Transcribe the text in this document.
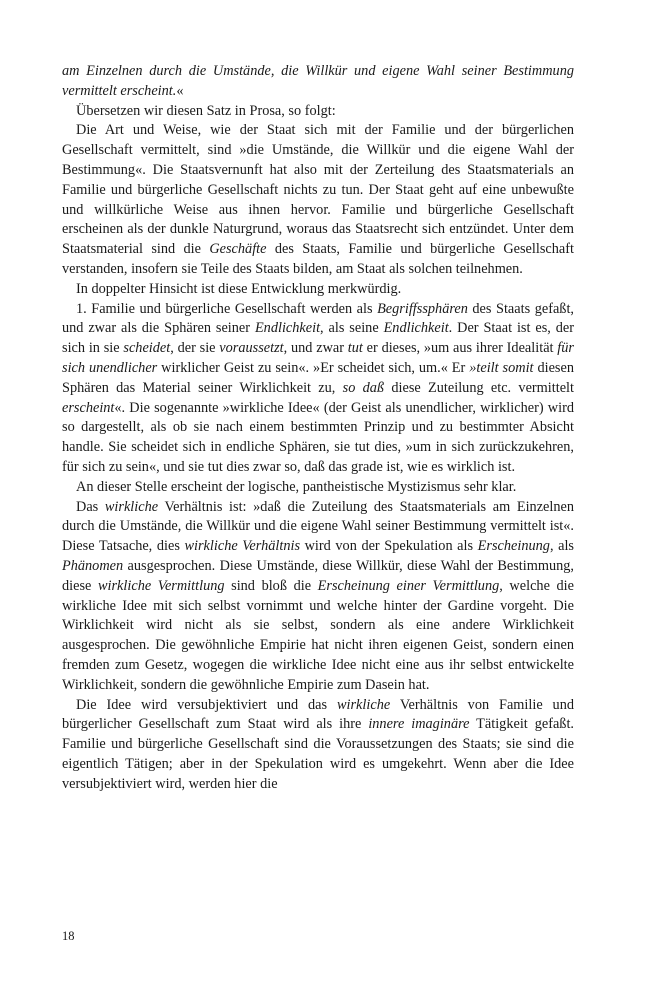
am Einzelnen durch die Umstände, die Willkür und eigene Wahl seiner Bestimmung vermittelt erscheint.«

Übersetzen wir diesen Satz in Prosa, so folgt:

Die Art und Weise, wie der Staat sich mit der Familie und der bürgerlichen Gesellschaft vermittelt, sind »die Umstände, die Willkür und die eigene Wahl der Bestimmung«. Die Staatsvernunft hat also mit der Zerteilung des Staatsmaterials an Familie und bürgerliche Gesellschaft nichts zu tun. Der Staat geht auf eine unbewußte und willkürliche Weise aus ihnen hervor. Familie und bürgerliche Gesellschaft erscheinen als der dunkle Naturgrund, woraus das Staatsrecht sich entzündet. Unter dem Staatsmaterial sind die Geschäfte des Staats, Familie und bürgerliche Gesellschaft verstanden, insofern sie Teile des Staats bilden, am Staat als solchen teilnehmen.

In doppelter Hinsicht ist diese Entwicklung merkwürdig.

1. Familie und bürgerliche Gesellschaft werden als Begriffssphären des Staats gefaßt, und zwar als die Sphären seiner Endlichkeit, als seine Endlichkeit. Der Staat ist es, der sich in sie scheidet, der sie voraussetzt, und zwar tut er dieses, »um aus ihrer Idealität für sich unendlicher wirklicher Geist zu sein«. »Er scheidet sich, um.« Er »teilt somit diesen Sphären das Material seiner Wirklichkeit zu, so daß diese Zuteilung etc. vermittelt erscheint«. Die sogenannte »wirkliche Idee« (der Geist als unendlicher, wirklicher) wird so dargestellt, als ob sie nach einem bestimmten Prinzip und zu bestimmter Absicht handle. Sie scheidet sich in endliche Sphären, sie tut dies, »um in sich zurückzukehren, für sich zu sein«, und sie tut dies zwar so, daß das grade ist, wie es wirklich ist.

An dieser Stelle erscheint der logische, pantheistische Mystizismus sehr klar.

Das wirkliche Verhältnis ist: »daß die Zuteilung des Staatsmaterials am Einzelnen durch die Umstände, die Willkür und die eigene Wahl seiner Bestimmung vermittelt ist«. Diese Tatsache, dies wirkliche Verhältnis wird von der Spekulation als Erscheinung, als Phänomen ausgesprochen. Diese Umstände, diese Willkür, diese Wahl der Bestimmung, diese wirkliche Vermittlung sind bloß die Erscheinung einer Vermittlung, welche die wirkliche Idee mit sich selbst vornimmt und welche hinter der Gardine vorgeht. Die Wirklichkeit wird nicht als sie selbst, sondern als eine andere Wirklichkeit ausgesprochen. Die gewöhnliche Empirie hat nicht ihren eigenen Geist, sondern einen fremden zum Gesetz, wogegen die wirkliche Idee nicht eine aus ihr selbst entwickelte Wirklichkeit, sondern die gewöhnliche Empirie zum Dasein hat.

Die Idee wird versubjektiviert und das wirkliche Verhältnis von Familie und bürgerlicher Gesellschaft zum Staat wird als ihre innere imaginäre Tätigkeit gefaßt. Familie und bürgerliche Gesellschaft sind die Voraussetzungen des Staats; sie sind die eigentlich Tätigen; aber in der Spekulation wird es umgekehrt. Wenn aber die Idee versubjektiviert wird, werden hier die

18
